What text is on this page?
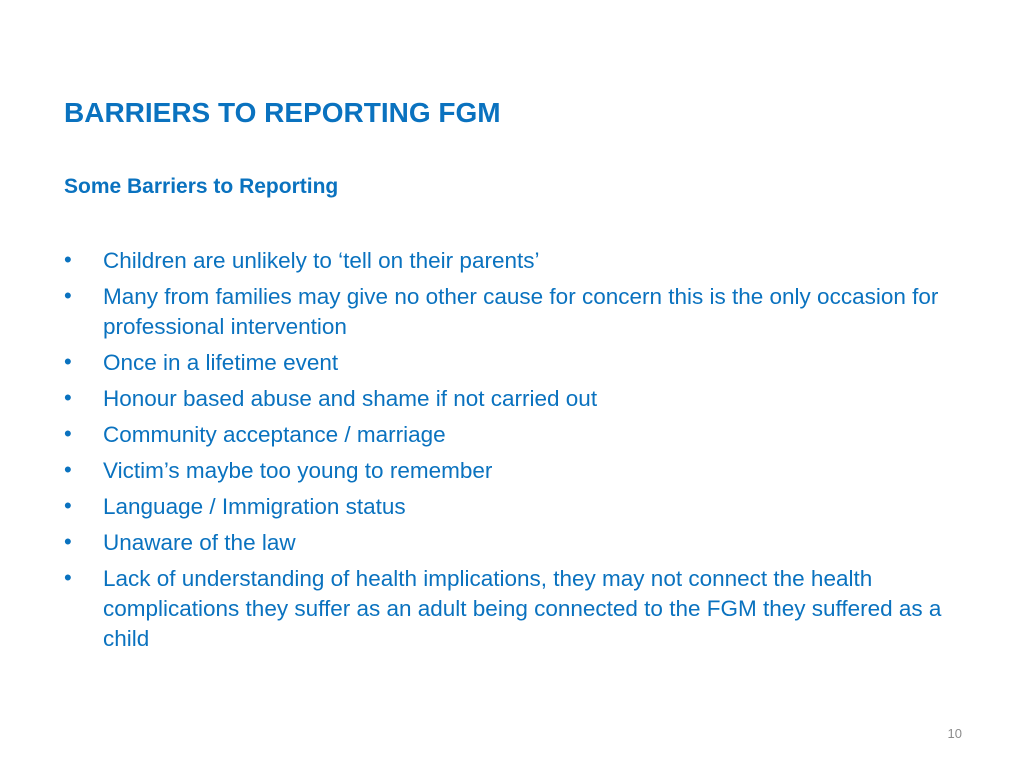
BARRIERS TO REPORTING FGM
Some Barriers to Reporting
•	Children are unlikely to ‘tell on their parents’
•	Many from families may give no other cause for concern this is the only occasion for professional intervention
•	Once in a lifetime event
•	Honour based abuse and shame if not carried out
•	Community acceptance / marriage
•	Victim’s maybe too young to remember
•	Language / Immigration status
•	Unaware of the law
•	Lack of understanding of health implications, they may not connect the health complications they suffer as an adult being connected to the FGM they suffered as a child
10
